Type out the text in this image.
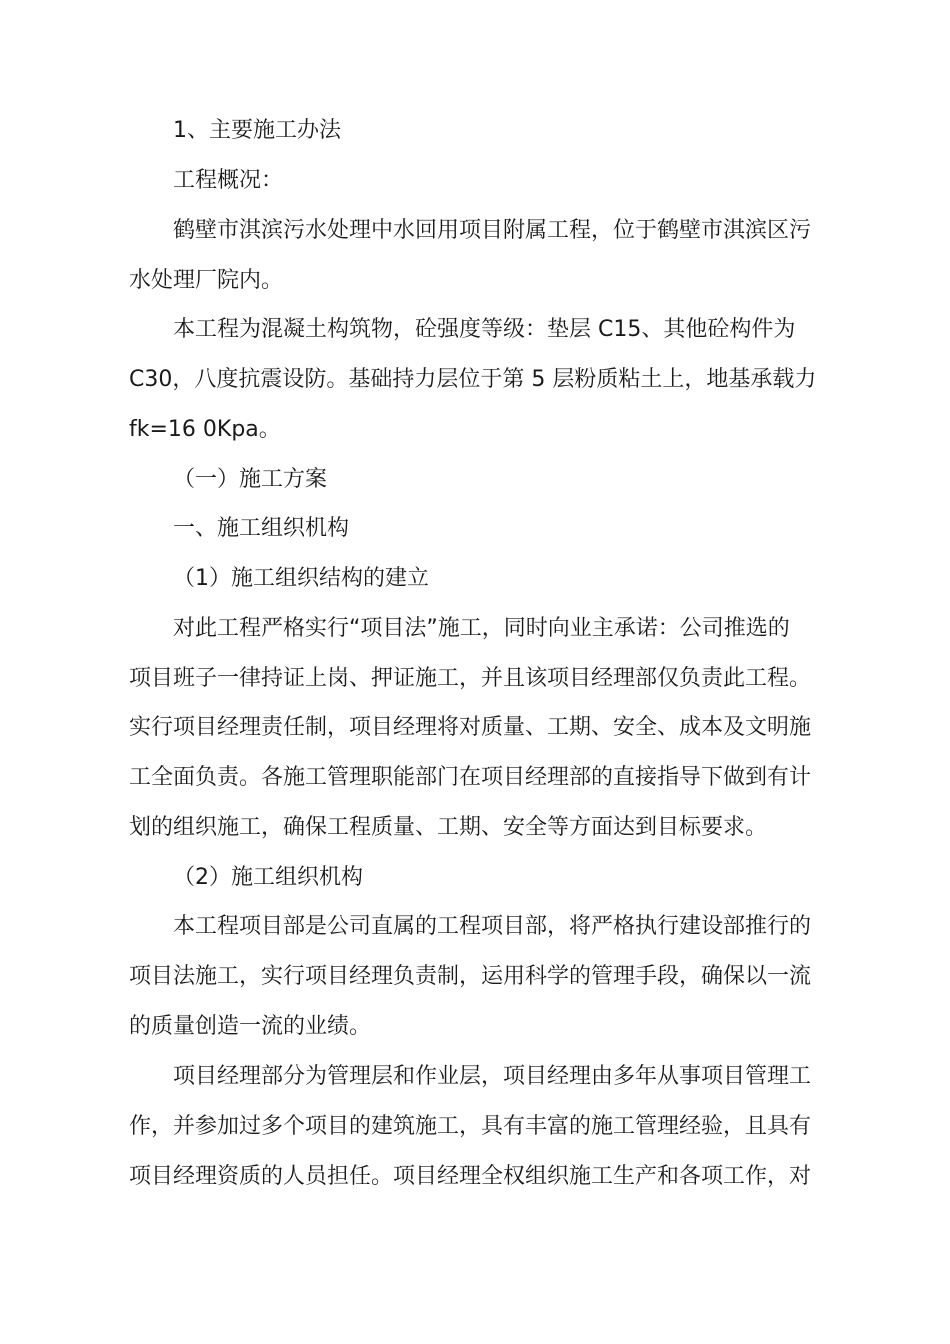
1、主要施工办法
工程概况：
鹤壁市淇滨污水处理中水回用项目附属工程，位于鹤壁市淇滨区污
水处理厂院内。
本工程为混凝土构筑物，砼强度等级：垫层 C15、其他砼构件为
C30，八度抗震设防。基础持力层位于第 5 层粉质粘土上，地基承载力
fk=16 0Kpa。
（一）施工方案
一、施工组织机构
（1）施工组织结构的建立
对此工程严格实行“项目法”施工，同时向业主承诺：公司推选的
项目班子一律持证上岗、押证施工，并且该项目经理部仅负责此工程。
实行项目经理责任制，项目经理将对质量、工期、安全、成本及文明施
工全面负责。各施工管理职能部门在项目经理部的直接指导下做到有计
划的组织施工，确保工程质量、工期、安全等方面达到目标要求。
（2）施工组织机构
本工程项目部是公司直属的工程项目部，将严格执行建设部推行的
项目法施工，实行项目经理负责制，运用科学的管理手段，确保以一流
的质量创造一流的业绩。
项目经理部分为管理层和作业层，项目经理由多年从事项目管理工
作，并参加过多个项目的建筑施工，具有丰富的施工管理经验，且具有
项目经理资质的人员担任。项目经理全权组织施工生产和各项工作，对
